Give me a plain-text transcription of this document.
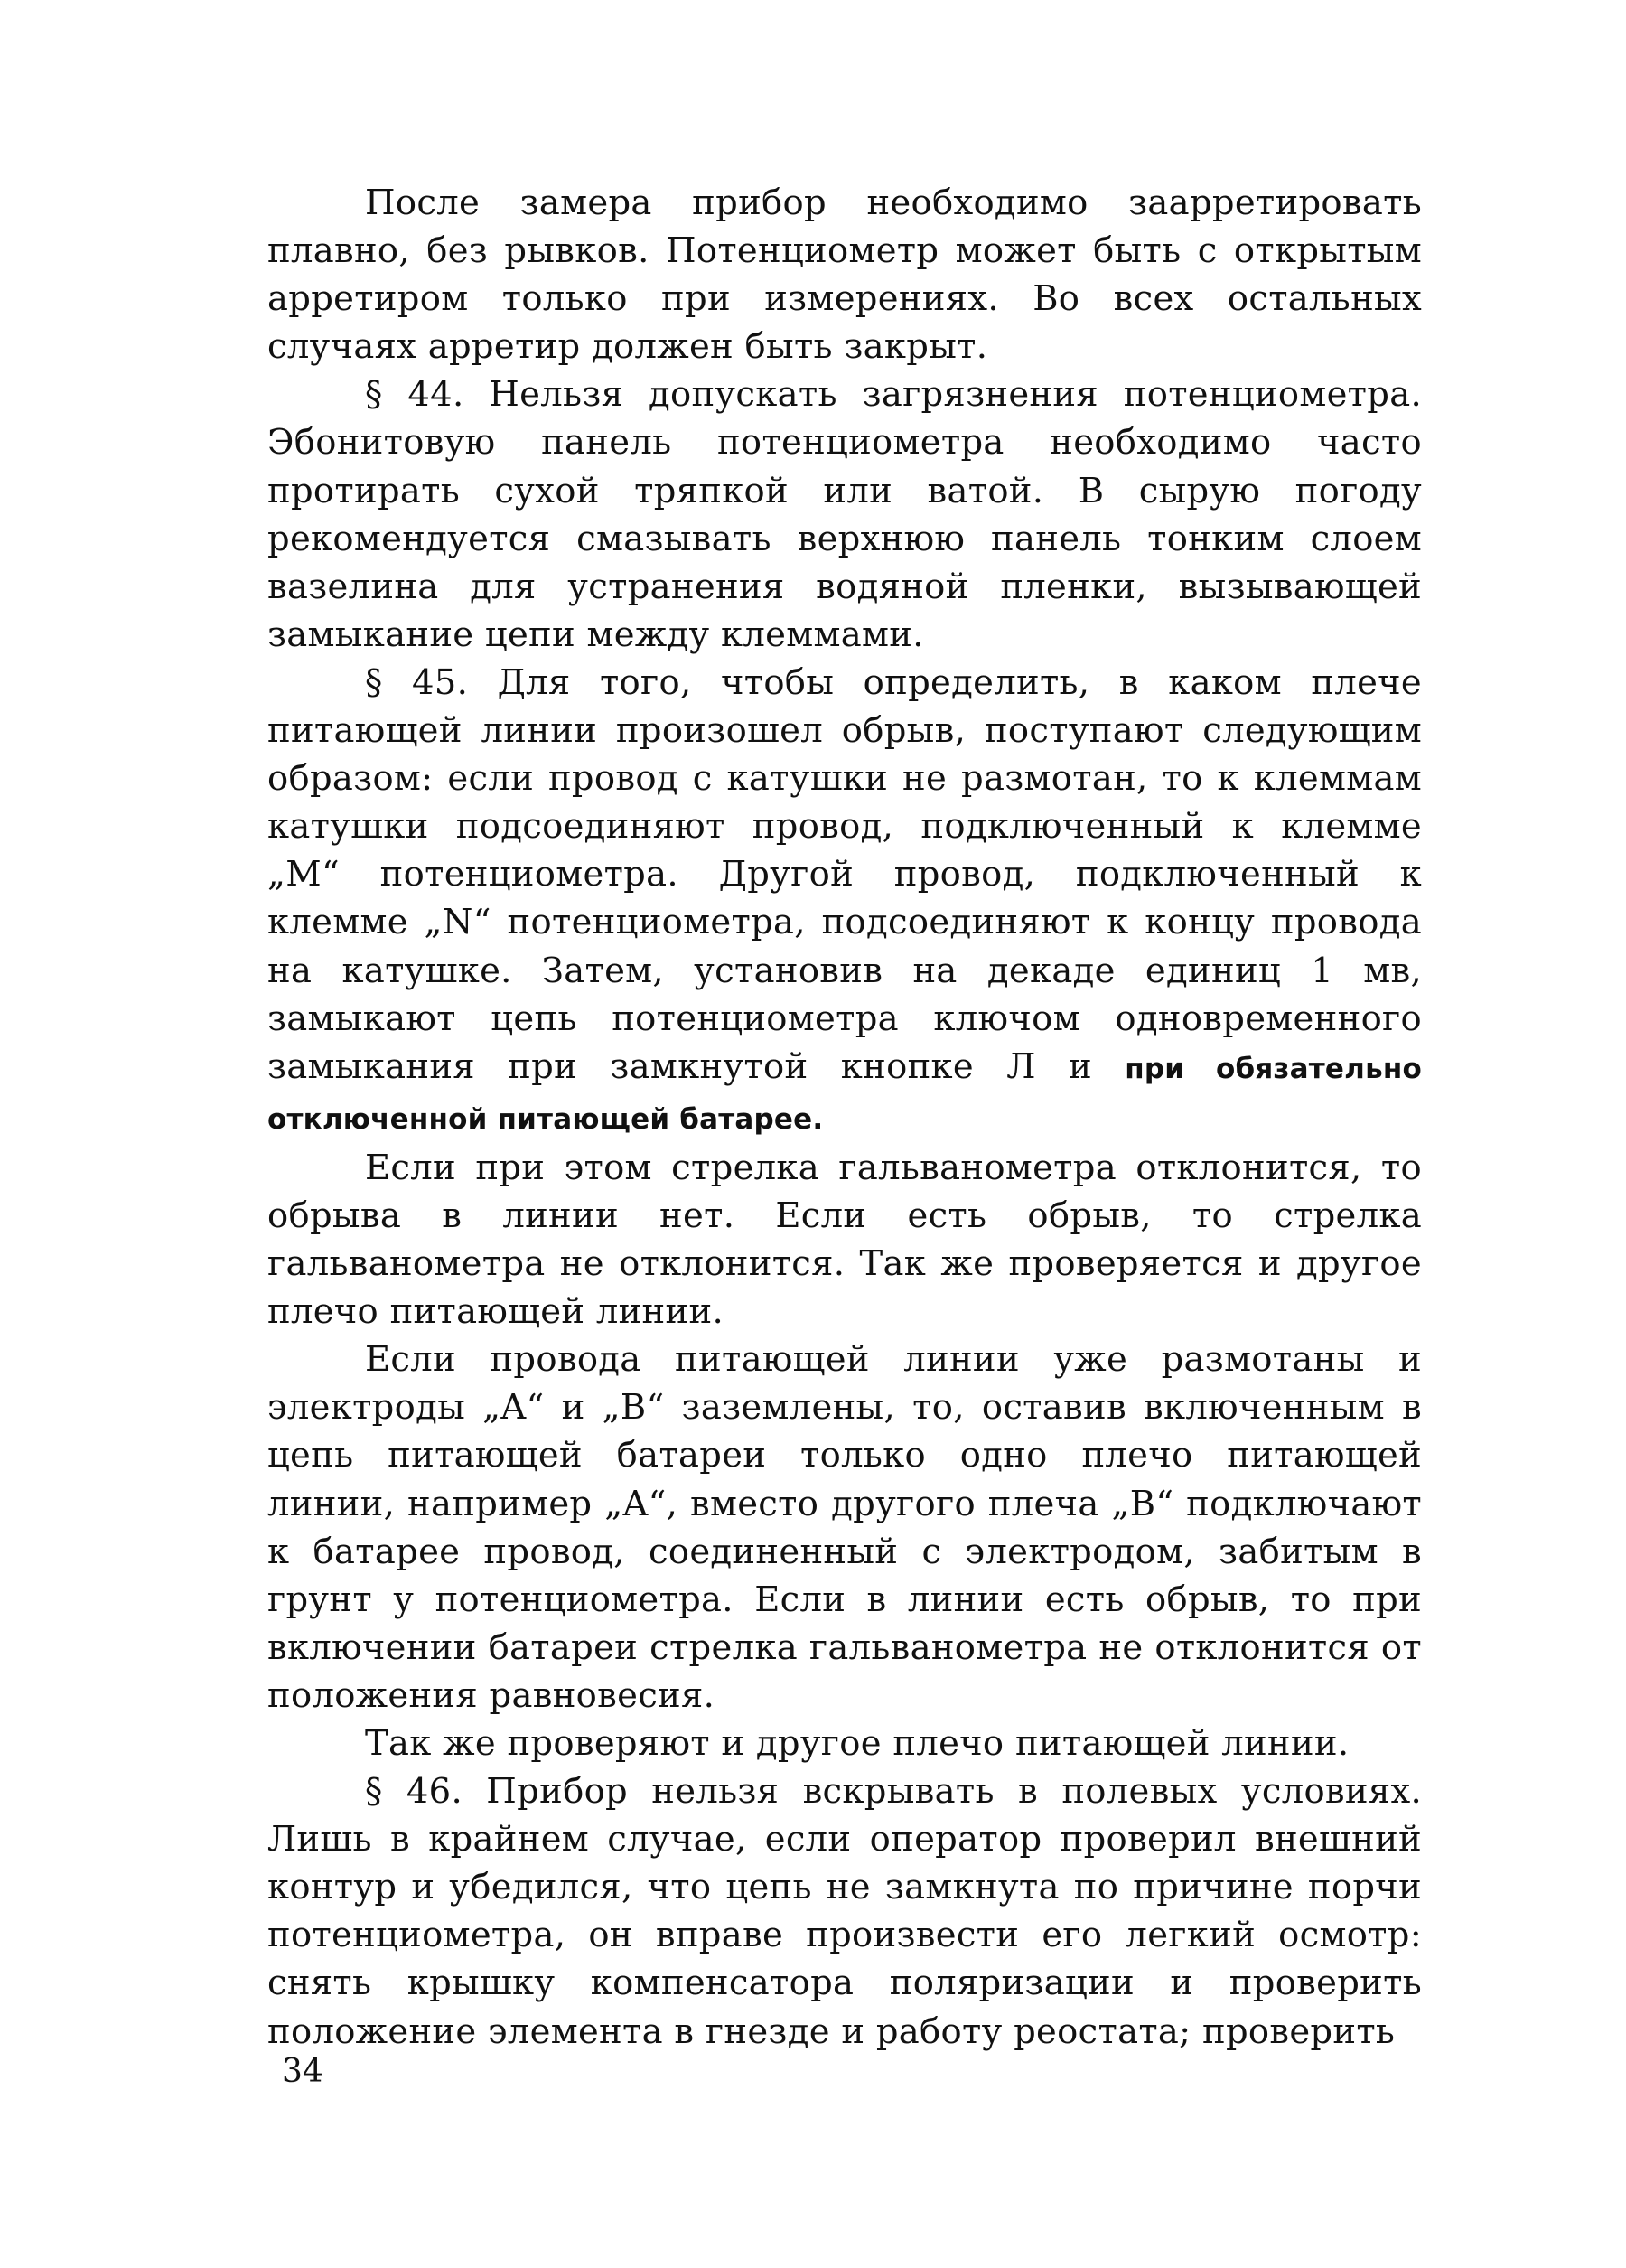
После замера прибор необходимо заарретировать плавно, без рывков. Потенциометр может быть с открытым арретиром только при измерениях. Во всех остальных случаях арретир должен быть закрыт.

§ 44. Нельзя допускать загрязнения потенциометра. Эбонитовую панель потенциометра необходимо часто протирать сухой тряпкой или ватой. В сырую погоду рекомендуется смазывать верхнюю панель тонким слоем вазелина для устранения водяной пленки, вызывающей замыкание цепи между клеммами.

§ 45. Для того, чтобы определить, в каком плече питающей линии произошел обрыв, поступают следующим образом: если провод с катушки не размотан, то к клеммам катушки подсоединяют провод, подключенный к клемме „M“ потенциометра. Другой провод, подключенный к клемме „N“ потенциометра, подсоединяют к концу провода на катушке. Затем, установив на декаде единиц 1 мв, замыкают цепь потенциометра ключом одновременного замыкания при замкнутой кнопке Л и при обязательно отключенной питающей батарее.

Если при этом стрелка гальванометра отклонится, то обрыва в линии нет. Если есть обрыв, то стрелка гальванометра не отклонится. Так же проверяется и другое плечо питающей линии.

Если провода питающей линии уже размотаны и электроды „A“ и „B“ заземлены, то, оставив включенным в цепь питающей батареи только одно плечо питающей линии, например „A“, вместо другого плеча „B“ подключают к батарее провод, соединенный с электродом, забитым в грунт у потенциометра. Если в линии есть обрыв, то при включении батареи стрелка гальванометра не отклонится от положения равновесия.

Так же проверяют и другое плечо питающей линии.

§ 46. Прибор нельзя вскрывать в полевых условиях. Лишь в крайнем случае, если оператор проверил внешний контур и убедился, что цепь не замкнута по причине порчи потенциометра, он вправе произвести его легкий осмотр: снять крышку компенсатора поляризации и проверить положение элемента в гнезде и работу реостата; проверить

34
